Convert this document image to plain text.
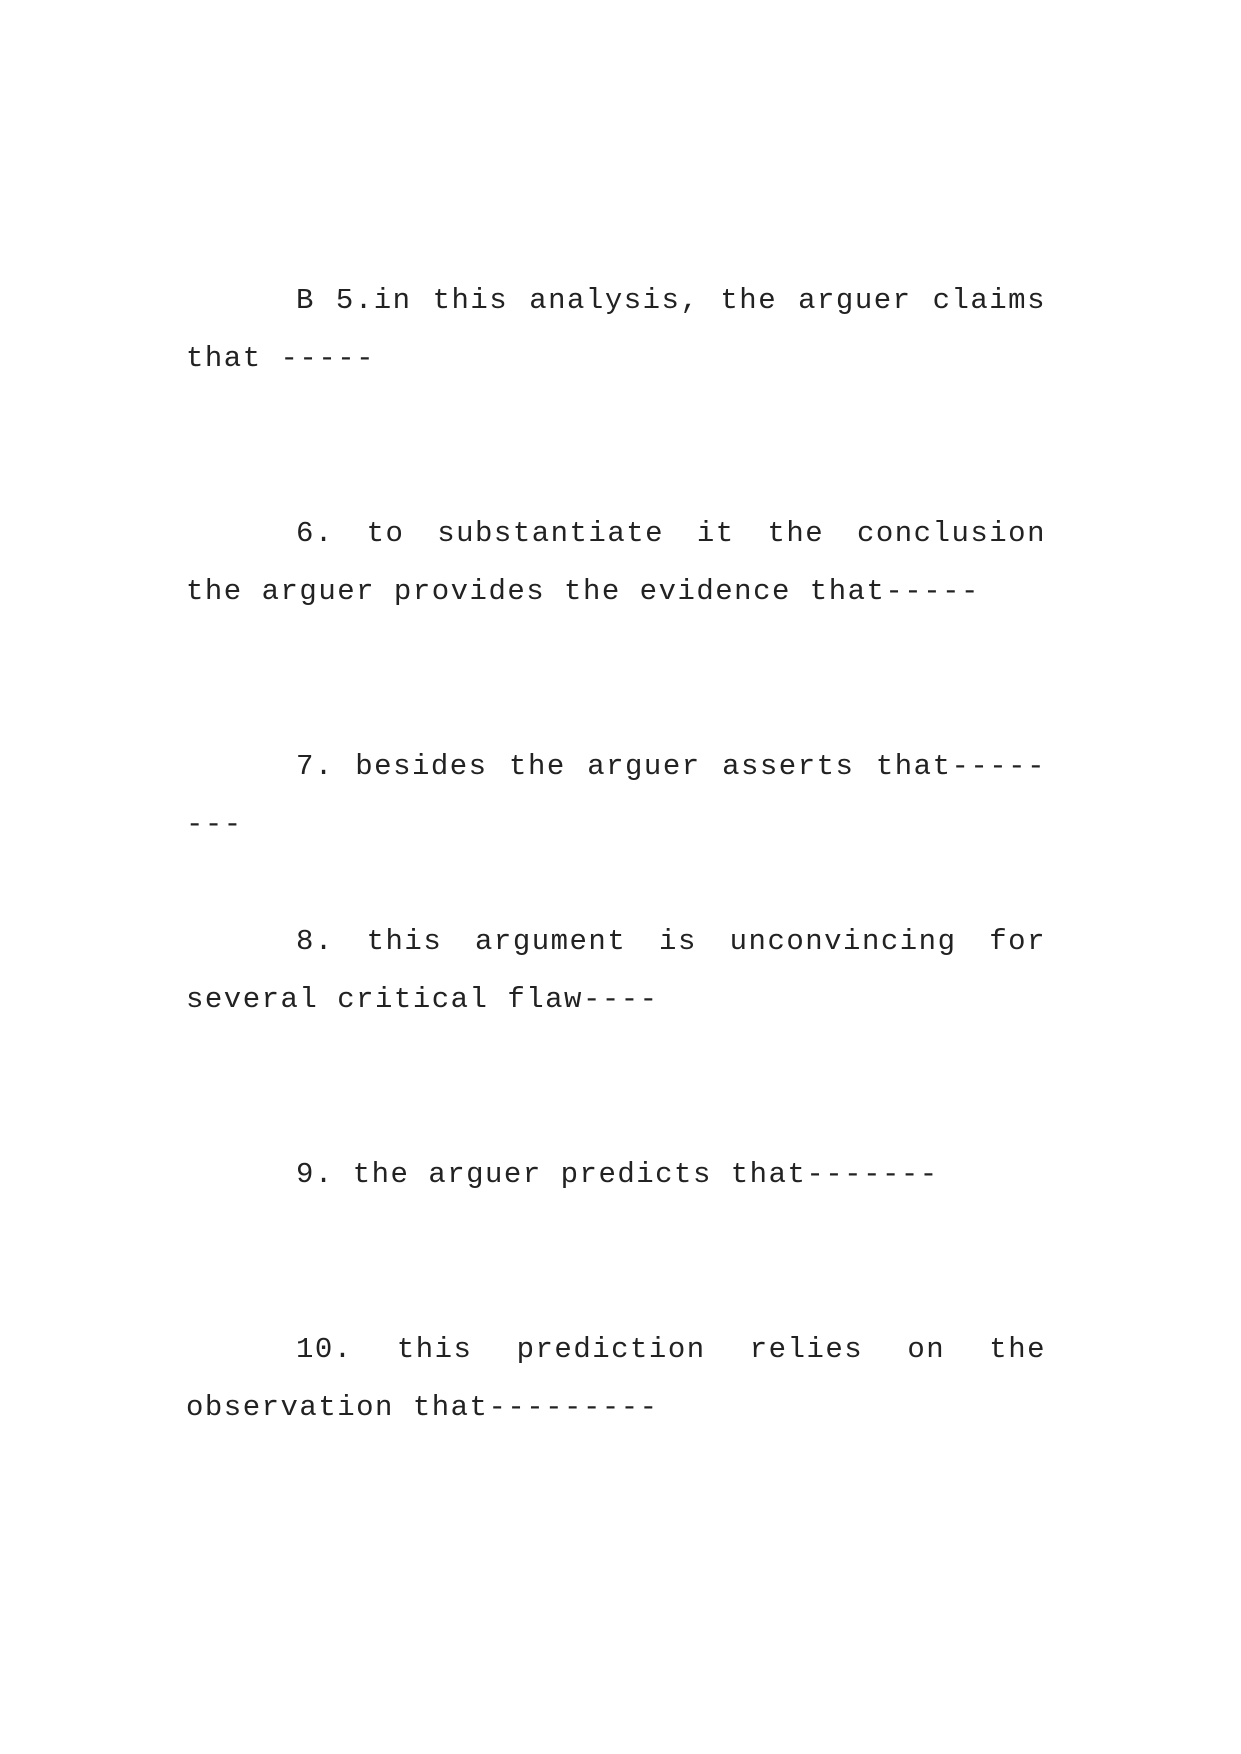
B 5.in this analysis, the arguer claims that -----

6. to substantiate it the conclusion the arguer provides the evidence that-----

7. besides the arguer asserts that--------

8. this argument is unconvincing for several critical flaw----

9. the arguer predicts that-------

10. this prediction relies on the observation that---------
